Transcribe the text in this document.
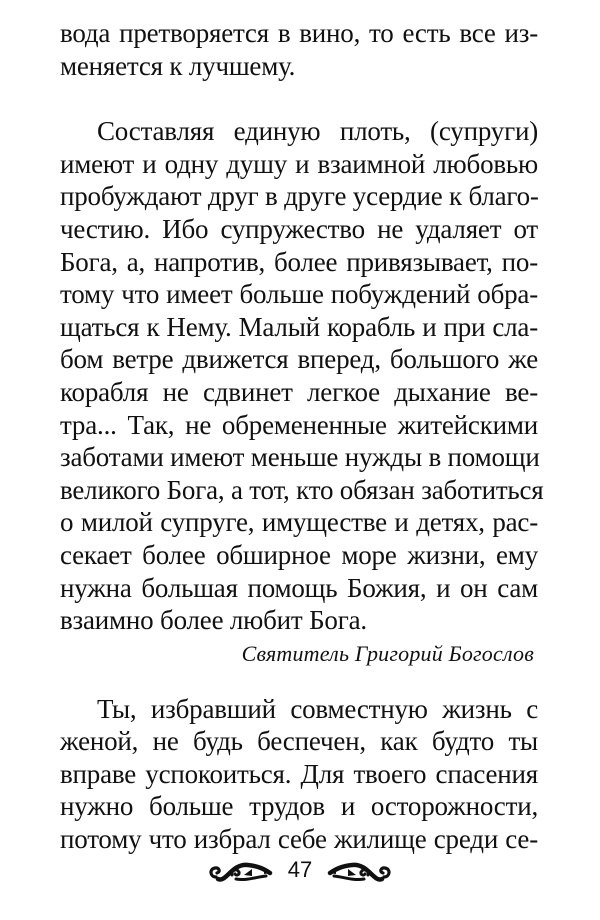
вода претворяется в вино, то есть все из-
меняется к лучшему.

Составляя единую плоть, (супруги)
имеют и одну душу и взаимной любовью
пробуждают друг в друге усердие к благо-
честию. Ибо супружество не удаляет от
Бога, а, напротив, более привязывает, по-
тому что имеет больше побуждений обра-
щаться к Нему. Малый корабль и при сла-
бом ветре движется вперед, большого же
корабля не сдвинет легкое дыхание ве-
тра... Так, не обремененные житейскими
заботами имеют меньше нужды в помощи
великого Бога, а тот, кто обязан заботиться
о милой супруге, имуществе и детях, рас-
секает более обширное море жизни, ему
нужна большая помощь Божия, и он сам
взаимно более любит Бога.
Святитель Григорий Богослов

Ты, избравший совместную жизнь с
женой, не будь беспечен, как будто ты
вправе успокоиться. Для твоего спасения
нужно больше трудов и осторожности,
потому что избрал себе жилище среди се-

47
